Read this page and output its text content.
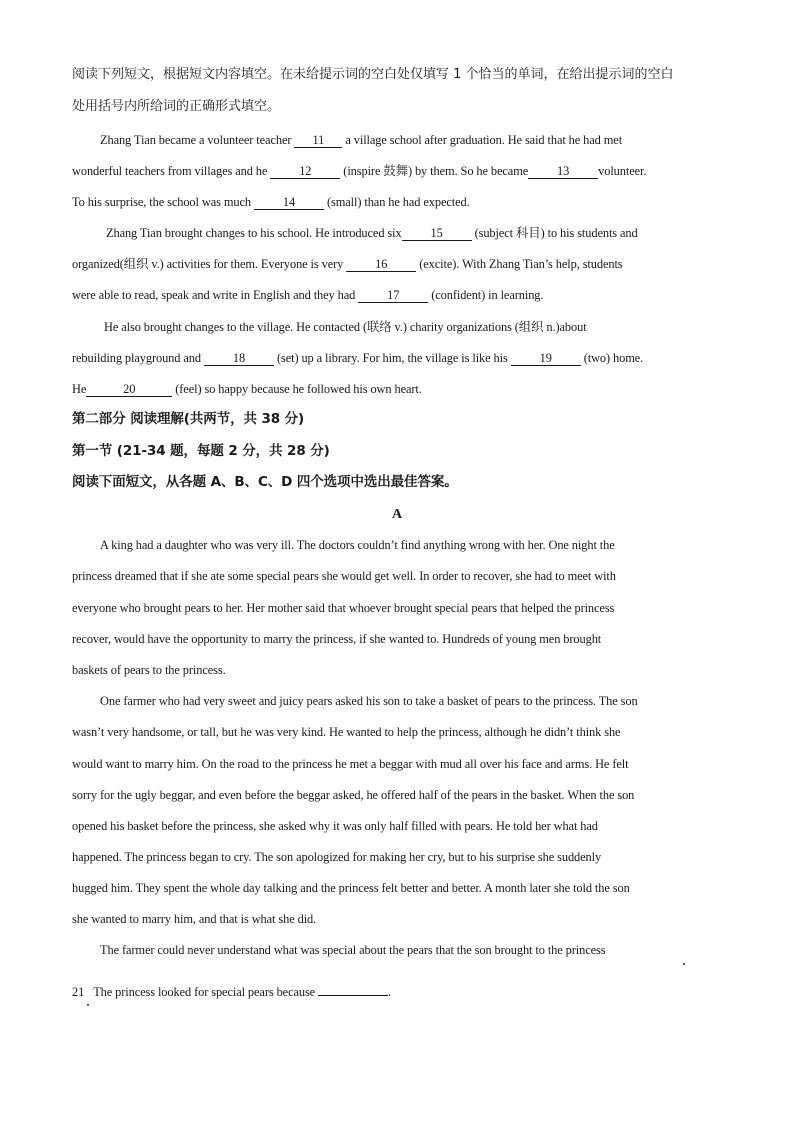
阅读下列短文，根据短文内容填空。在未给提示词的空白处仅填写 1 个恰当的单词，在给出提示词的空白
处用括号内所给词的正确形式填空。
Zhang Tian became a volunteer teacher 11 a village school after graduation. He said that he had met
wonderful teachers from villages and he 12 (inspire 鼓舞) by them. So he became 13 volunteer.
To his surprise, the school was much 14 (small) than he had expected.
Zhang Tian brought changes to his school. He introduced six 15 (subject 科目) to his students and
organized(组织 v.) activities for them. Everyone is very 16 (excite). With Zhang Tian’s help, students
were able to read, speak and write in English and they had 17 (confident) in learning.
He also brought changes to the village. He contacted (联络 v.) charity organizations (组织 n.)about
rebuilding playground and 18 (set) up a library. For him, the village is like his 19 (two) home.
He	20	(feel) so happy because he followed his own heart.
第二部分 阅读理解(共两节，共 38 分)
第一节 (21-34 题，每题 2 分，共 28 分)
阅读下面短文，从各题 A、B、C、D 四个选项中选出最佳答案。
A
A king had a daughter who was very ill. The doctors couldn’t find anything wrong with her. One night the
princess dreamed that if she ate some special pears she would get well. In order to recover, she had to meet with
everyone who brought pears to her. Her mother said that whoever brought special pears that helped the princess
recover, would have the opportunity to marry the princess, if she wanted to. Hundreds of young men brought
baskets of pears to the princess.
One farmer who had very sweet and juicy pears asked his son to take a basket of pears to the princess. The son
wasn’t very handsome, or tall, but he was very kind. He wanted to help the princess, although he didn’t think she
would want to marry him. On the road to the princess he met a beggar with mud all over his face and arms. He felt
sorry for the ugly beggar, and even before the beggar asked, he offered half of the pears in the basket. When the son
opened his basket before the princess, she asked why it was only half filled with pears. He told her what had
happened. The princess began to cry. The son apologized for making her cry, but to his surprise she suddenly
hugged him. They spent the whole day talking and the princess felt better and better. A month later she told the son
she wanted to marry him, and that is what she did.
The farmer could never understand what was special about the pears that the son brought to the princess
21 The princess looked for special pears because	.
